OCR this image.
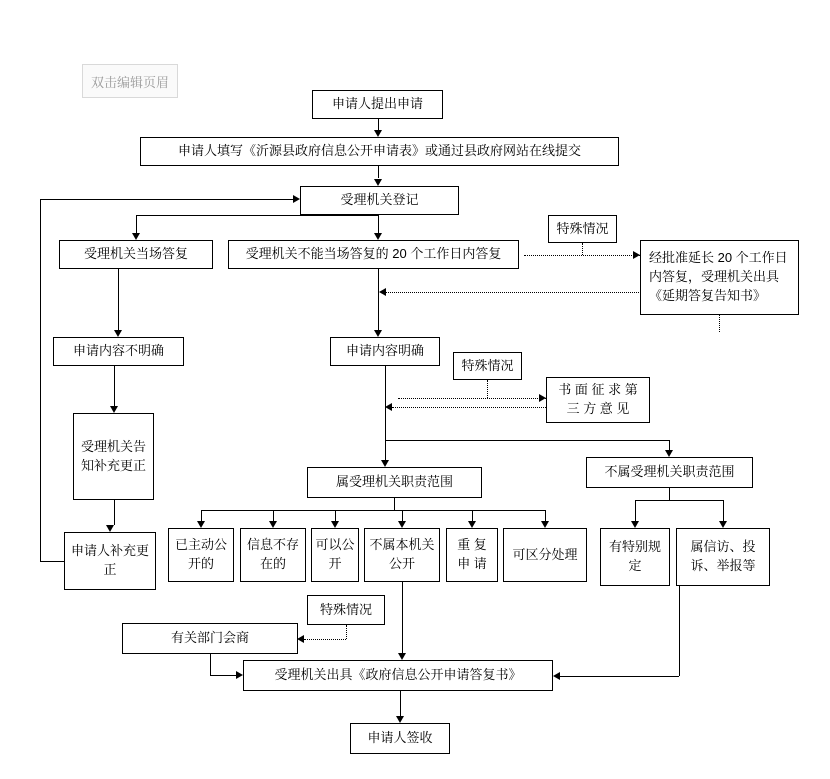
双击编辑页眉
申请人提出申请
申请人填写《沂源县政府信息公开申请表》或通过县政府网站在线提交
受理机关登记
受理机关当场答复	受理机关不能当场答复的 20 个工作日内答复
特殊情况
经批准延长 20 个工作日内答复，受理机关出具《延期答复告知书》
申请内容不明确	申请内容明确
特殊情况
书 面 征 求 第 三 方 意 见
受理机关告知补充更正
申请人补充更正
属受理机关职责范围
不属受理机关职责范围
已主动公开的
信息不存在的
可以公开
不属本机关公开
重 复 申 请
可区分处理	有特别规定
属信访、投诉、举报等
特殊情况
有关部门会商
受理机关出具《政府信息公开申请答复书》
申请人签收
